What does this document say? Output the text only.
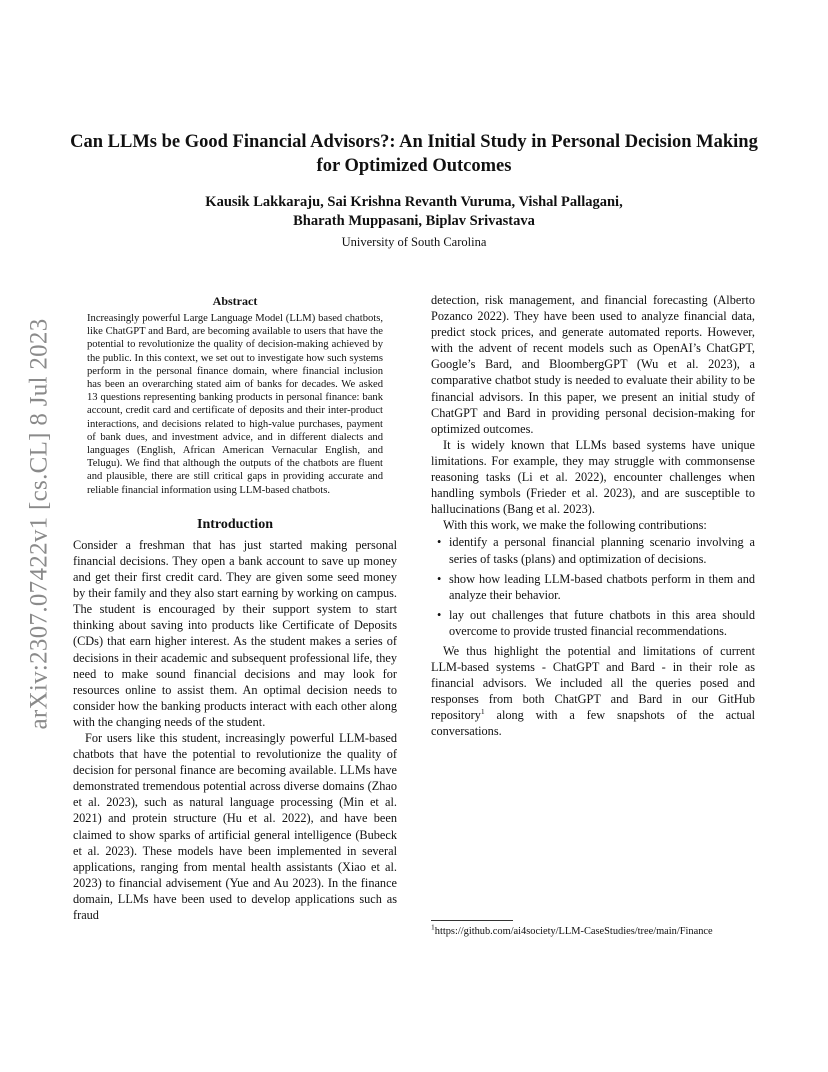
arXiv:2307.07422v1 [cs.CL] 8 Jul 2023
Can LLMs be Good Financial Advisors?: An Initial Study in Personal Decision Making for Optimized Outcomes
Kausik Lakkaraju, Sai Krishna Revanth Vuruma, Vishal Pallagani,
Bharath Muppasani, Biplav Srivastava
University of South Carolina
Abstract

Increasingly powerful Large Language Model (LLM) based chatbots, like ChatGPT and Bard, are becoming available to users that have the potential to revolutionize the quality of decision-making achieved by the public. In this context, we set out to investigate how such systems perform in the personal finance domain, where financial inclusion has been an overarching stated aim of banks for decades. We asked 13 questions representing banking products in personal finance: bank account, credit card and certificate of deposits and their inter-product interactions, and decisions related to high-value purchases, payment of bank dues, and investment advice, and in different dialects and languages (English, African American Vernacular English, and Telugu). We find that although the outputs of the chatbots are fluent and plausible, there are still critical gaps in providing accurate and reliable financial information using LLM-based chatbots.

Introduction

Consider a freshman that has just started making personal financial decisions. They open a bank account to save up money and get their first credit card. They are given some seed money by their family and they also start earning by working on campus. The student is encouraged by their support system to start thinking about saving into products like Certificate of Deposits (CDs) that earn higher interest. As the student makes a series of decisions in their academic and subsequent professional life, they need to make sound financial decisions and may look for resources online to assist them. An optimal decision needs to consider how the banking products interact with each other along with the changing needs of the student.

For users like this student, increasingly powerful LLM-based chatbots that have the potential to revolutionize the quality of decision for personal finance are becoming available. LLMs have demonstrated tremendous potential across diverse domains (Zhao et al. 2023), such as natural language processing (Min et al. 2021) and protein structure (Hu et al. 2022), and have been claimed to show sparks of artificial general intelligence (Bubeck et al. 2023). These models have been implemented in several applications, ranging from mental health assistants (Xiao et al. 2023) to financial advisement (Yue and Au 2023). In the finance domain, LLMs have been used to develop applications such as fraud

detection, risk management, and financial forecasting (Alberto Pozanco 2022). They have been used to analyze financial data, predict stock prices, and generate automated reports. However, with the advent of recent models such as OpenAI’s ChatGPT, Google’s Bard, and BloombergGPT (Wu et al. 2023), a comparative chatbot study is needed to evaluate their ability to be financial advisors. In this paper, we present an initial study of ChatGPT and Bard in providing personal decision-making for optimized outcomes.

It is widely known that LLMs based systems have unique limitations. For example, they may struggle with commonsense reasoning tasks (Li et al. 2022), encounter challenges when handling symbols (Frieder et al. 2023), and are susceptible to hallucinations (Bang et al. 2023).

With this work, we make the following contributions:

• identify a personal financial planning scenario involving a series of tasks (plans) and optimization of decisions.
• show how leading LLM-based chatbots perform in them and analyze their behavior.
• lay out challenges that future chatbots in this area should overcome to provide trusted financial recommendations.

We thus highlight the potential and limitations of current LLM-based systems - ChatGPT and Bard - in their role as financial advisors. We included all the queries posed and responses from both ChatGPT and Bard in our GitHub repository$^1$ along with a few snapshots of the actual conversations.

$^1$https://github.com/ai4society/LLM-CaseStudies/tree/main/Finance
